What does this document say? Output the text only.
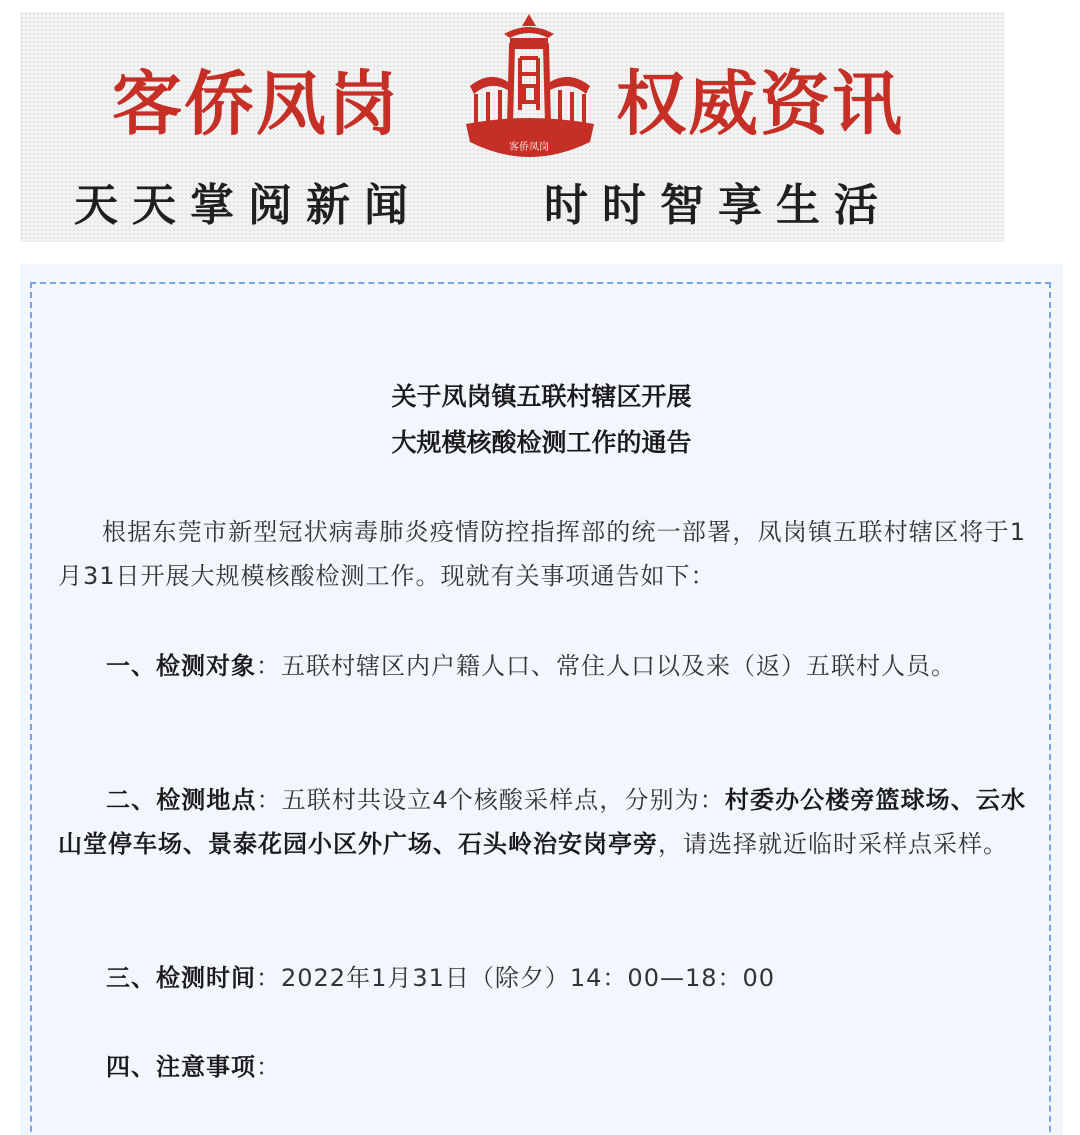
客侨凤岗
客侨凤岗
权威资讯
天天掌阅新闻	时时智享生活
关于凤岗镇五联村辖区开展
大规模核酸检测工作的通告
根据东莞市新型冠状病毒肺炎疫情防控指挥部的统一部署，凤岗镇五联村辖区将于1月31日开展大规模核酸检测工作。现就有关事项通告如下：
一、检测对象：五联村辖区内户籍人口、常住人口以及来（返）五联村人员。
二、检测地点：五联村共设立4个核酸采样点，分别为：村委办公楼旁篮球场、云水山堂停车场、景泰花园小区外广场、石头岭治安岗亭旁，请选择就近临时采样点采样。
三、检测时间：2022年1月31日（除夕）14：00—18：00
四、注意事项：
